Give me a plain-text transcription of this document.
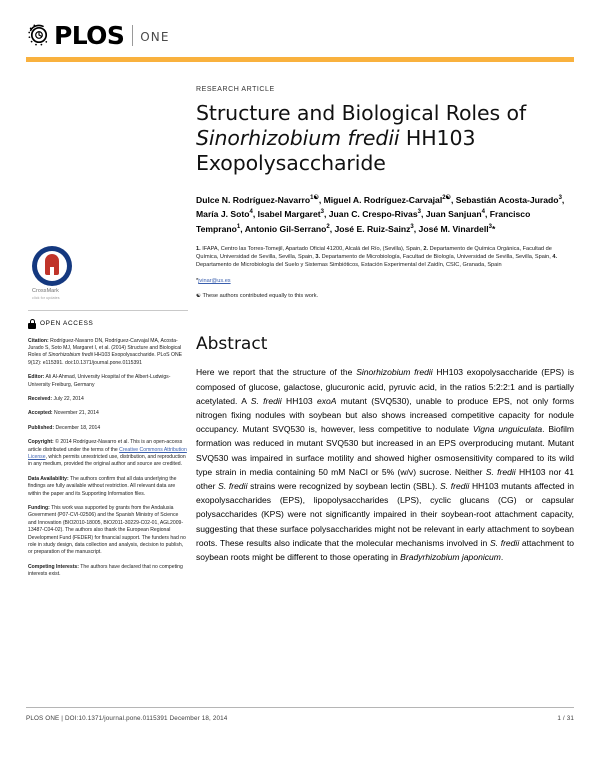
PLOS ONE
CrossMark
click for updates
OPEN ACCESS
Citation: Rodríguez-Navarro DN, Rodríguez-Carvajal MA, Acosta-Jurado S, Soto MJ, Margaret I, et al. (2014) Structure and Biological Roles of Sinorhizobium fredii HH103 Exopolysaccharide. PLoS ONE 9(12): e115391. doi:10.1371/journal.pone.0115391
Editor: Ali Al-Ahmad, University Hospital of the Albert-Ludwigs-University Freiburg, Germany
Received: July 22, 2014
Accepted: November 21, 2014
Published: December 18, 2014
Copyright: © 2014 Rodríguez-Navarro et al. This is an open-access article distributed under the terms of the Creative Commons Attribution License, which permits unrestricted use, distribution, and reproduction in any medium, provided the original author and source are credited.
Data Availability: The authors confirm that all data underlying the findings are fully available without restriction. All relevant data are within the paper and its Supporting Information files.
Funding: This work was supported by grants from the Andalusia Government (P07-CVI-02506) and the Spanish Ministry of Science and Innovation (BIO2010-18005, BIO2011-30229-C02-01, AGL2009-13487-C04-02). The authors also thank the European Regional Development Fund (FEDER) for financial support. The funders had no role in study design, data collection and analysis, decision to publish, or preparation of the manuscript.
Competing Interests: The authors have declared that no competing interests exist.
RESEARCH ARTICLE
Structure and Biological Roles of Sinorhizobium fredii HH103 Exopolysaccharide
Dulce N. Rodríguez-Navarro$^{1☯}$, Miguel A. Rodríguez-Carvajal$^{2☯}$, Sebastián Acosta-Jurado$^3$, María J. Soto$^4$, Isabel Margaret$^3$, Juan C. Crespo-Rivas$^3$, Juan Sanjuan$^4$, Francisco Temprano$^1$, Antonio Gil-Serrano$^2$, José E. Ruiz-Sainz$^3$, José M. Vinardell$^3$*
1. IFAPA, Centro las Torres-Tomejil, Apartado Oficial 41200, Alcalá del Río, (Sevilla), Spain, 2. Departamento de Química Orgánica, Facultad de Química, Universidad de Sevilla, Sevilla, Spain, 3. Departamento de Microbiología, Facultad de Biología, Universidad de Sevilla, Sevilla, Spain, 4. Departamento de Microbiología del Suelo y Sistemas Simbióticos, Estación Experimental del Zaidín, CSIC, Granada, Spain
*jvinar@us.es
☯ These authors contributed equally to this work.
Abstract
Here we report that the structure of the Sinorhizobium fredii HH103 exopolysaccharide (EPS) is composed of glucose, galactose, glucuronic acid, pyruvic acid, in the ratios 5:2:2:1 and is partially acetylated. A S. fredii HH103 exoA mutant (SVQ530), unable to produce EPS, not only forms nitrogen fixing nodules with soybean but also shows increased competitive capacity for nodule occupancy. Mutant SVQ530 is, however, less competitive to nodulate Vigna unguiculata. Biofilm formation was reduced in mutant SVQ530 but increased in an EPS overproducing mutant. Mutant SVQ530 was impaired in surface motility and showed higher osmosensitivity compared to its wild type strain in media containing 50 mM NaCl or 5% (w/v) sucrose. Neither S. fredii HH103 nor 41 other S. fredii strains were recognized by soybean lectin (SBL). S. fredii HH103 mutants affected in exopolysaccharides (EPS), lipopolysaccharides (LPS), cyclic glucans (CG) or capsular polysaccharides (KPS) were not significantly impaired in their soybean-root attachment capacity, suggesting that these surface polysaccharides might not be relevant in early attachment to soybean roots. These results also indicate that the molecular mechanisms involved in S. fredii attachment to soybean roots might be different to those operating in Bradyrhizobium japonicum.
PLOS ONE | DOI:10.1371/journal.pone.0115391 December 18, 2014	1 / 31
